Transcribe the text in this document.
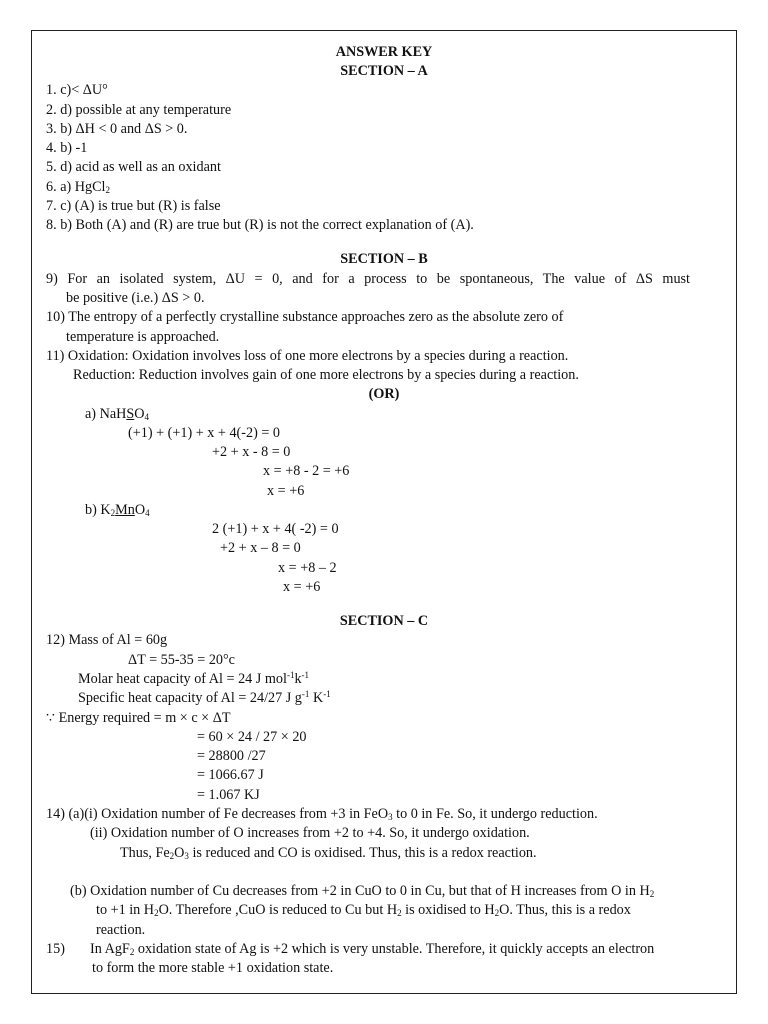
ANSWER KEY
SECTION – A
1. c)< ΔU°
2. d) possible at any temperature
3. b) ΔH < 0 and ΔS > 0.
4. b) -1
5. d) acid as well as an oxidant
6. a) HgCl$_2$
7. c) (A) is true but (R) is false
8. b) Both (A) and (R) are true but (R) is not the correct explanation of (A).
SECTION – B
9) For an isolated system, ΔU = 0, and for a process to be spontaneous, The value of ΔS must
be positive (i.e.) ΔS > 0.
10) The entropy of a perfectly crystalline substance approaches zero as the absolute zero of
temperature is approached.
11) Oxidation: Oxidation involves loss of one more electrons by a species during a reaction.
Reduction: Reduction involves gain of one more electrons by a species during a reaction.
(OR)
a) NaHSO$_4$
(+1) + (+1) + x + 4(-2) = 0
+2 + x - 8 = 0
x = +8 - 2 = +6
x = +6
b) $K_2MnO_4$
2 (+1) + x + 4( -2) = 0
+2 + x – 8 = 0
x = +8 – 2
x = +6
SECTION – C
12) Mass of Al = 60g
ΔT = 55-35 = 20°c
Molar heat capacity of Al = 24 J $mol^{-1}k^{-1}$
Specific heat capacity of Al = 24/27 J $g^{-1}$ $K^{-1}$
∵ Energy required = m × c × ΔT
= 60 × 24 / 27 × 20
= 28800 /27
= 1066.67 J
= 1.067 KJ
14) (a)(i) Oxidation number of Fe decreases from +3 in FeO$_3$ to 0 in Fe. So, it undergo reduction.
(ii) Oxidation number of O increases from +2 to +4. So, it undergo oxidation.
Thus, $Fe_2O_3$ is reduced and CO is oxidised. Thus, this is a redox reaction.
(b) Oxidation number of Cu decreases from +2 in CuO to 0 in Cu, but that of H increases from O in $H_2$
to +1 in $H_2O$. Therefore ,CuO is reduced to Cu but $H_2$ is oxidised to $H_2O$. Thus, this is a redox
reaction.
15) In AgF$_2$ oxidation state of Ag is +2 which is very unstable. Therefore, it quickly accepts an electron
to form the more stable +1 oxidation state.
